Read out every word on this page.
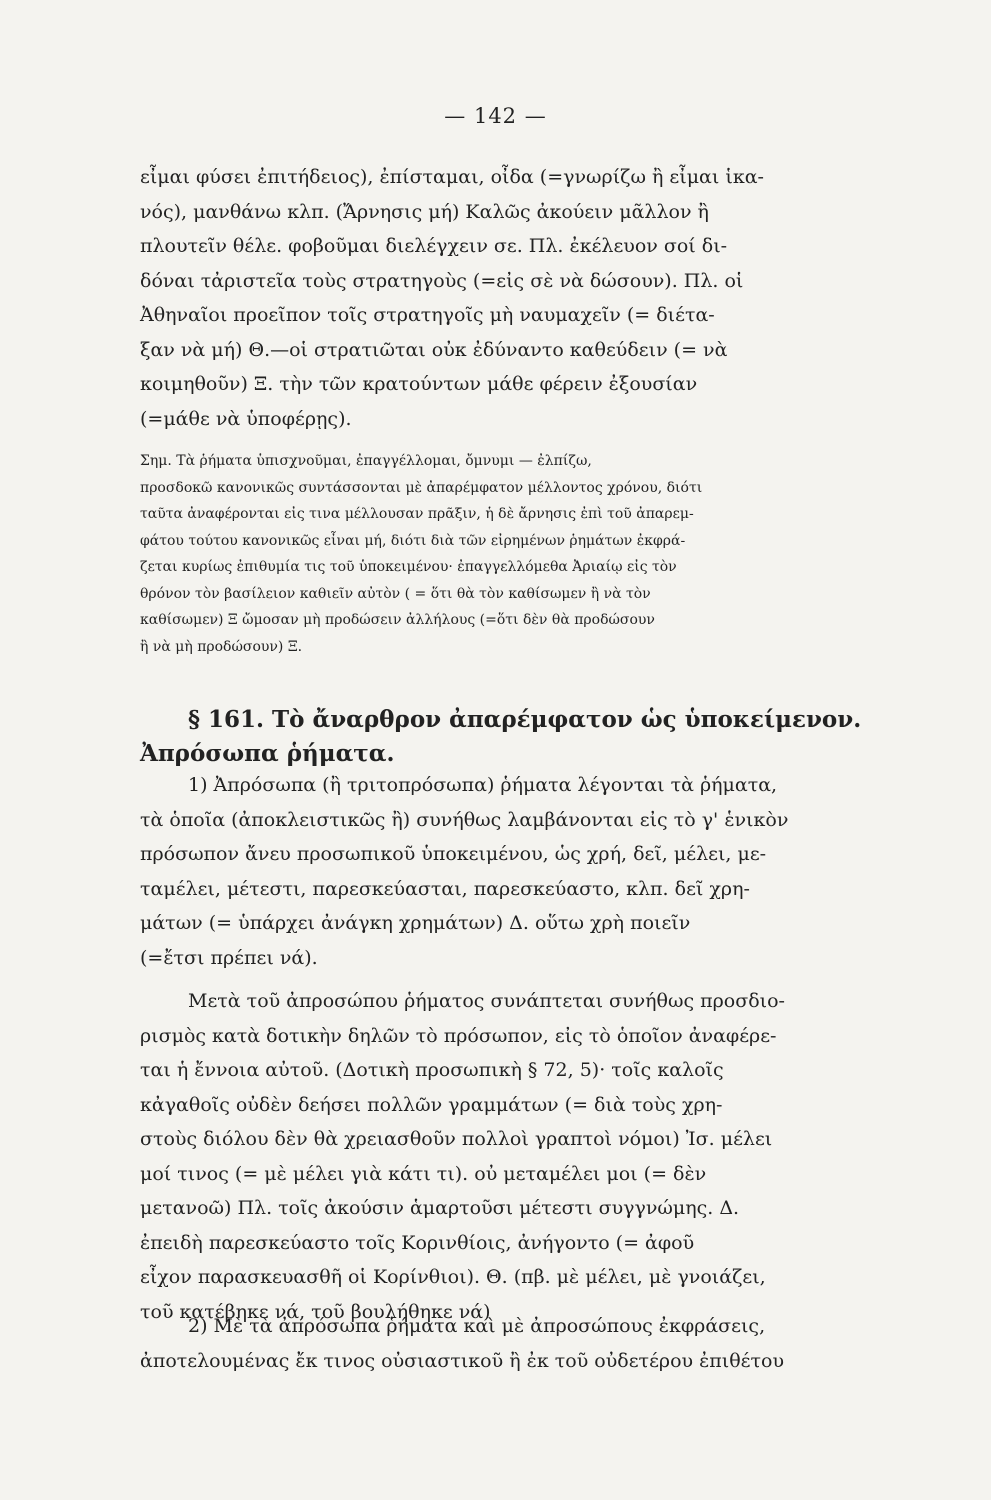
— 142 —
εἶμαι φύσει ἐπιτήδειος), ἐπίσταμαι, οἶδα (=γνωρίζω ἢ εἶμαι ἱκα-
νός), μανθάνω κλπ. (Ἄρνησις μή) Καλῶς ἀκούειν μᾶλλον ἢ
πλουτεῖν θέλε. φοβοῦμαι διελέγχειν σε. Πλ. ἐκέλευον σοί δι-
δόναι τἀριστεῖα τοὺς στρατηγοὺς (=εἰς σὲ νὰ δώσουν). Πλ. οἱ
Ἀθηναῖοι προεῖπον τοῖς στρατηγοῖς μὴ ναυμαχεῖν (= διέτα-
ξαν νὰ μή) Θ.—οἱ στρατιῶται οὐκ ἐδύναντο καθεύδειν (= νὰ
κοιμηθοῦν) Ξ. τὴν τῶν κρατούντων μάθε φέρειν ἐξουσίαν
(=μάθε νὰ ὑποφέρῃς).
Σημ. Τὰ ῥήματα ὑπισχνοῦμαι, ἐπαγγέλλομαι, ὄμνυμι — ἐλπίζω,
προσδοκῶ κανονικῶς συντάσσονται μὲ ἀπαρέμφατον μέλλοντος χρόνου, διότι
ταῦτα ἀναφέρονται εἰς τινα μέλλουσαν πρᾶξιν, ἡ δὲ ἄρνησις ἐπὶ τοῦ ἀπαρεμ-
φάτου τούτου κανονικῶς εἶναι μή, διότι διὰ τῶν εἰρημένων ῥημάτων ἐκφρά-
ζεται κυρίως ἐπιθυμία τις τοῦ ὑποκειμένου· ἐπαγγελλόμεθα Ἀριαίῳ εἰς τὸν
θρόνον τὸν βασίλειον καθιεῖν αὐτὸν ( = ὅτι θὰ τὸν καθίσωμεν ἢ νὰ τὸν
καθίσωμεν) Ξ ὤμοσαν μὴ προδώσειν ἀλλήλους (=ὅτι δὲν θὰ προδώσουν
ἢ νὰ μὴ προδώσουν) Ξ.
§ 161. Τὸ ἄναρθρον ἀπαρέμφατον ὡς ὑποκείμενον.
Ἀπρόσωπα ῥήματα.
1) Ἀπρόσωπα (ἢ τριτοπρόσωπα) ῥήματα λέγονται τὰ ῥήματα,
τὰ ὁποῖα (ἀποκλειστικῶς ἢ) συνήθως λαμβάνονται εἰς τὸ γ' ἑνικὸν
πρόσωπον ἄνευ προσωπικοῦ ὑποκειμένου, ὡς χρή, δεῖ, μέλει, με-
ταμέλει, μέτεστι, παρεσκεύασται, παρεσκεύαστο, κλπ. δεῖ χρη-
μάτων (= ὑπάρχει ἀνάγκη χρημάτων) Δ. οὕτω χρὴ ποιεῖν
(=ἔτσι πρέπει νά).
Μετὰ τοῦ ἀπροσώπου ῥήματος συνάπτεται συνήθως προσδιο-
ρισμὸς κατὰ δοτικὴν δηλῶν τὸ πρόσωπον, εἰς τὸ ὁποῖον ἀναφέρε-
ται ἡ ἔννοια αὐτοῦ. (Δοτικὴ προσωπικὴ § 72, 5)· τοῖς καλοῖς
κἀγαθοῖς οὐδὲν δεήσει πολλῶν γραμμάτων (= διὰ τοὺς χρη-
στοὺς διόλου δὲν θὰ χρειασθοῦν πολλοὶ γραπτοὶ νόμοι) Ἰσ. μέλει
μοί τινος (= μὲ μέλει γιὰ κάτι τι). οὐ μεταμέλει μοι (= δὲν
μετανοῶ) Πλ. τοῖς ἀκούσιν ἁμαρτοῦσι μέτεστι συγγνώμης. Δ.
ἐπειδὴ παρεσκεύαστο τοῖς Κορινθίοις, ἀνήγοντο (= ἀφοῦ
εἶχον παρασκευασθῆ οἱ Κορίνθιοι). Θ. (πβ. μὲ μέλει, μὲ γνοιάζει,
τοῦ κατέβηκε νά, τοῦ βουλήθηκε νά)
2) Μὲ τὰ ἀπρόσωπα ῥήματα καὶ μὲ ἀπροσώπους ἐκφράσεις,
ἀποτελουμένας ἔκ τινος οὐσιαστικοῦ ἢ ἐκ τοῦ οὐδετέρου ἐπιθέτου
